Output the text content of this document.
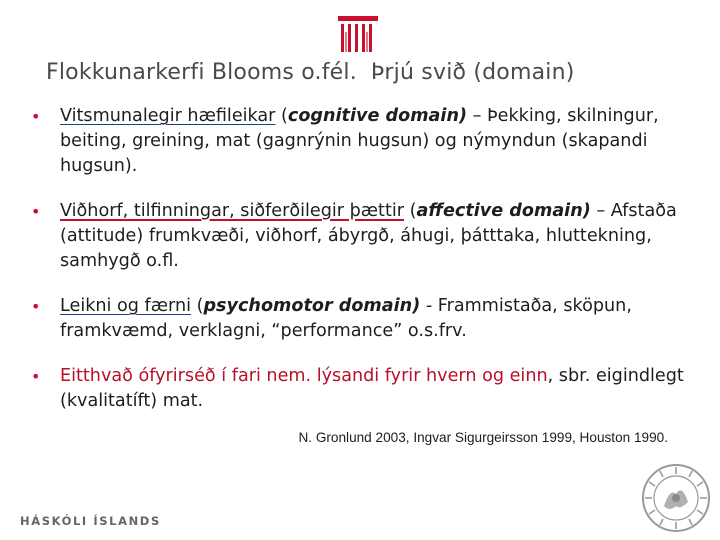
Flokkunarkerfi Blooms o.fél. Þrjú svið (domain)
• Vitsmunalegir hæfileikar (cognitive domain) – Þekking, skilningur, beiting, greining, mat (gagnrýnin hugsun) og nýmyndun (skapandi hugsun).
• Viðhorf, tilfinningar, siðferðilegir þættir (affective domain) – Afstaða (attitude) frumkvæði, viðhorf, ábyrgð, áhugi, þátttaka, hluttekning, samhygð o.fl.
• Leikni og færni (psychomotor domain) - Frammistaða, sköpun, framkvæmd, verklagni, “performance” o.s.frv.
• Eitthvað ófyrirséð í fari nem. lýsandi fyrir hvern og einn, sbr. eigindlegt (kvalitatíft) mat.
N. Gronlund 2003, Ingvar Sigurgeirsson 1999, Houston 1990.
HÁSKÓLI ÍSLANDS
